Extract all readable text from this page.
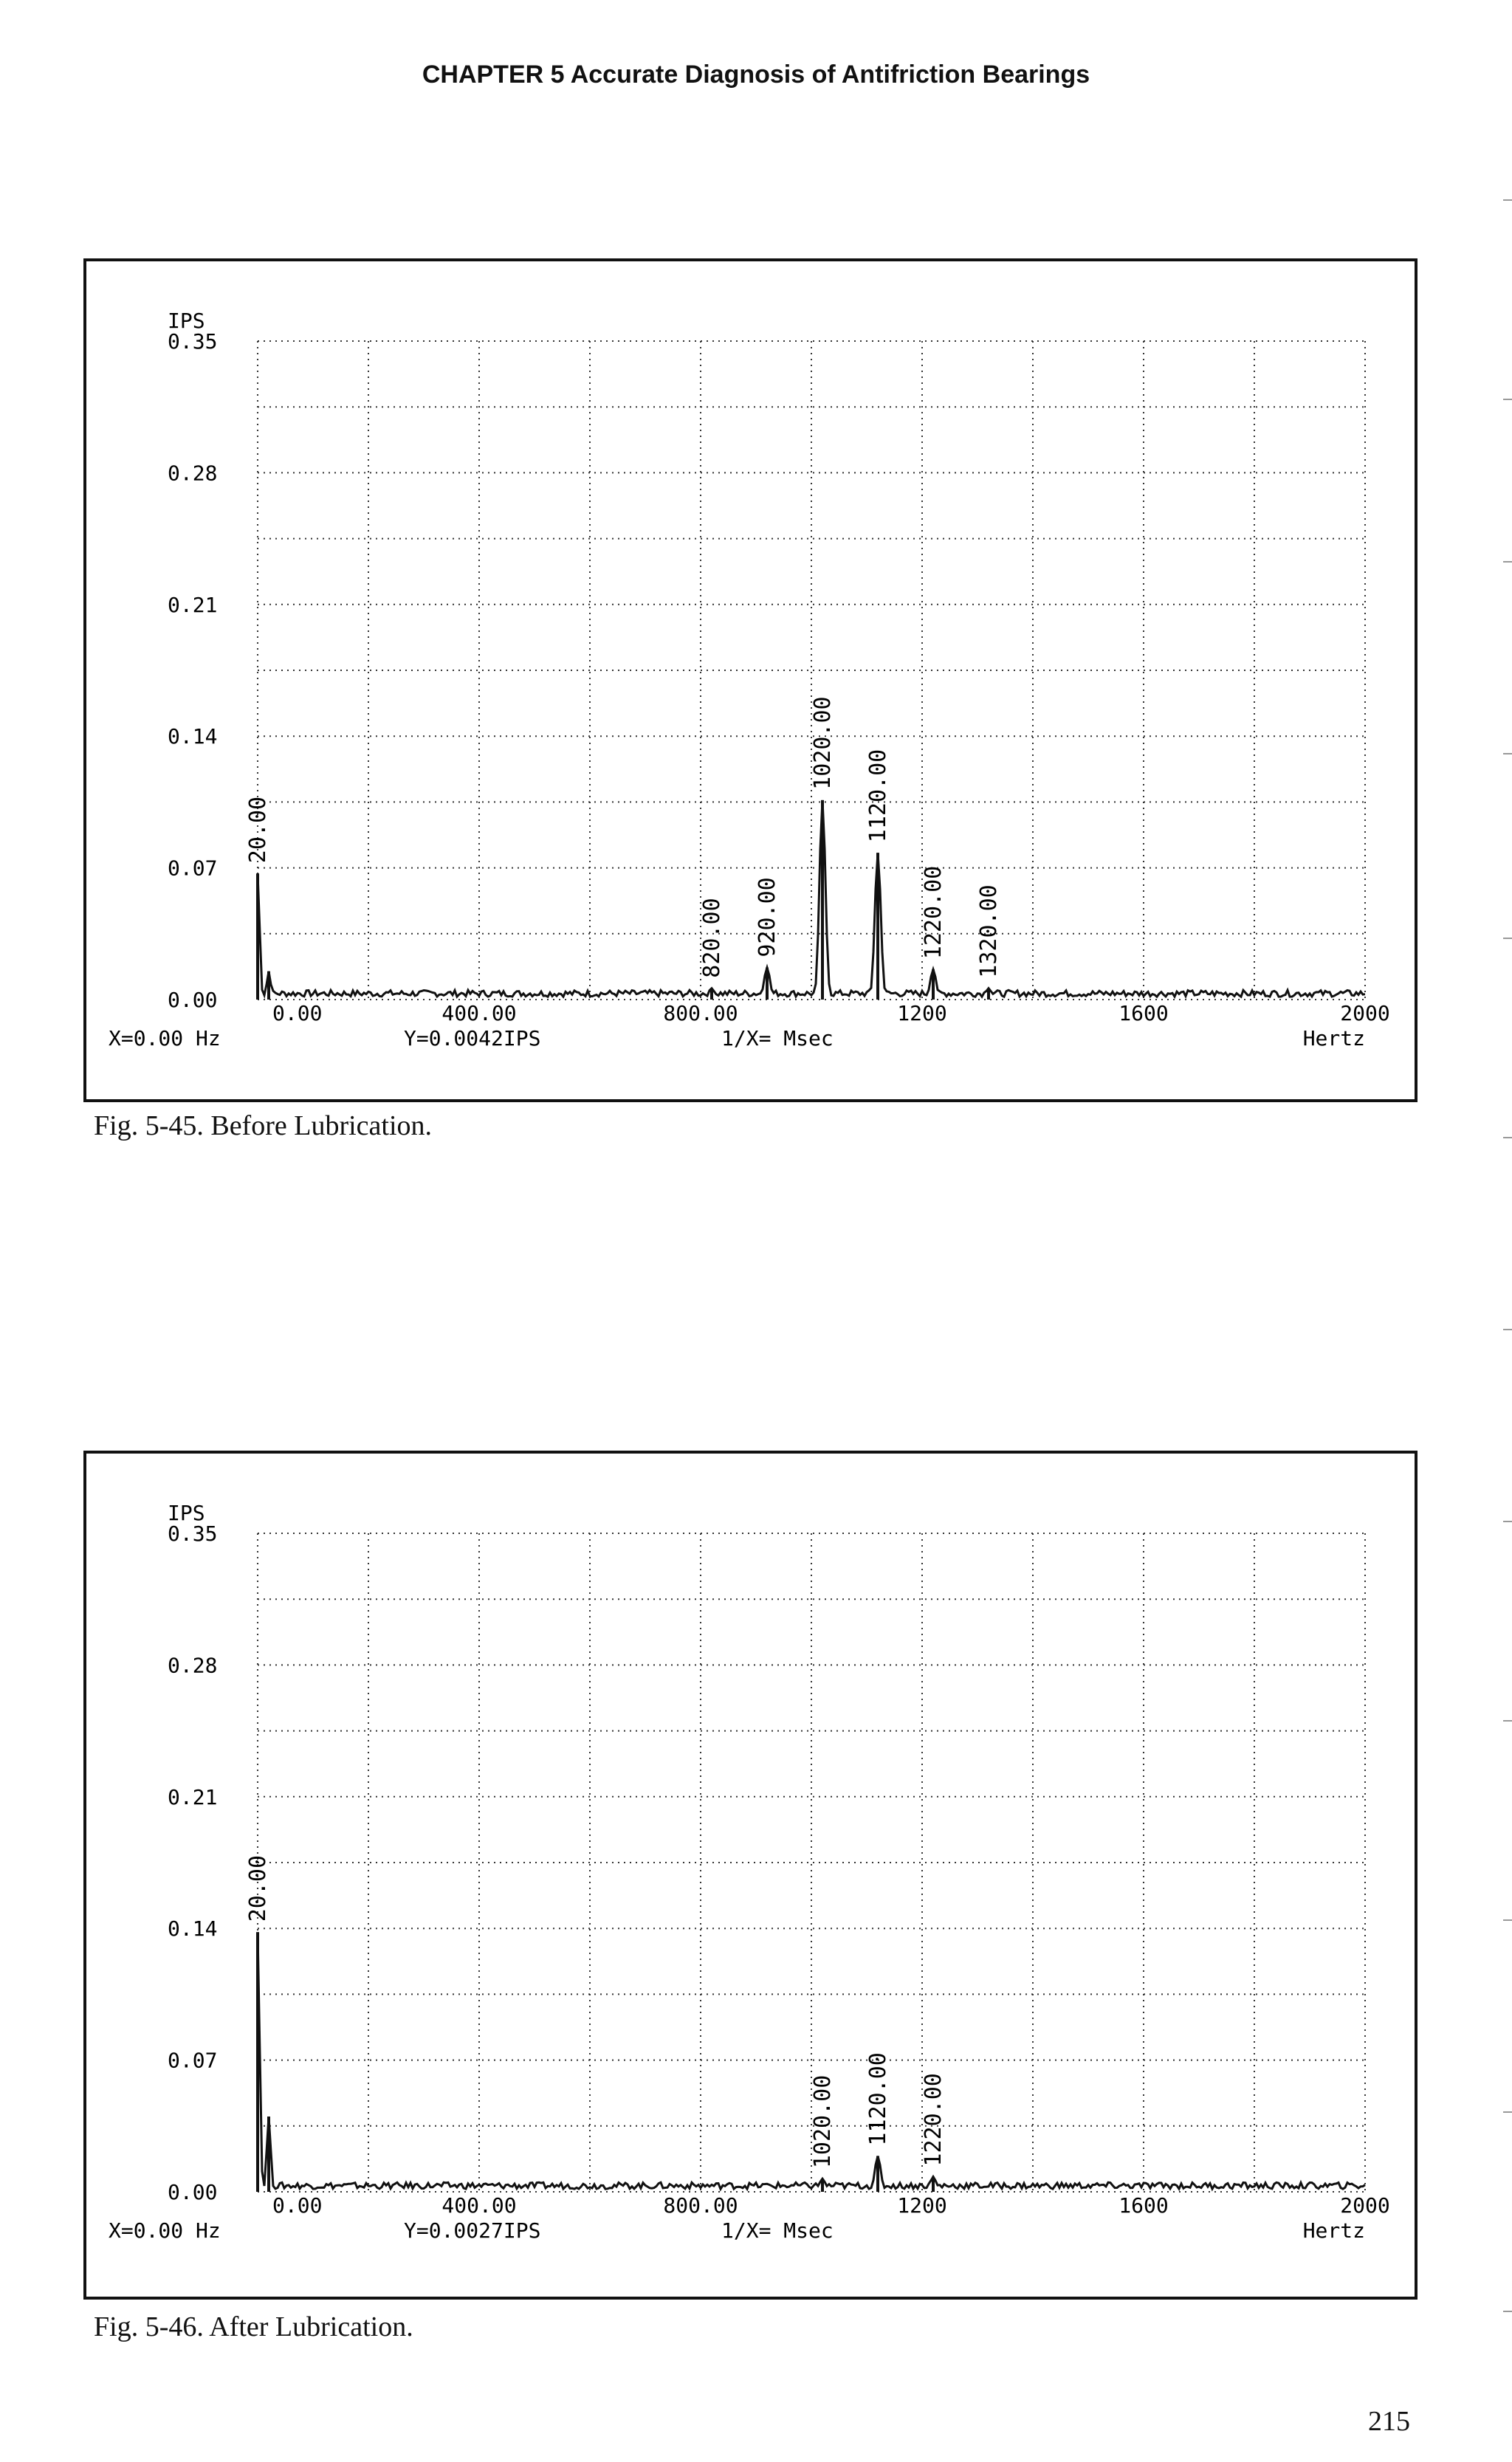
CHAPTER 5 Accurate Diagnosis of Antifriction Bearings
IPS
0.35
0.28
0.21
0.14
0.07
0.00
0.00	400.00	800.00	1200	1600	2000
X=0.00 Hz	Y=0.0042IPS	1/X= Msec	Hertz
20.00
820.00 920.00
1020.00
1120.00
1220.00 1320.00
Fig. 5-45. Before Lubrication.
IPS
0.35
0.28
0.21
0.14
0.07
0.00
0.00	400.00	800.00	1200	1600	2000
X=0.00 Hz	Y=0.0027IPS	1/X= Msec	Hertz
20.00
1020.00 1120.00 1220.00
Fig. 5-46. After Lubrication.
215
